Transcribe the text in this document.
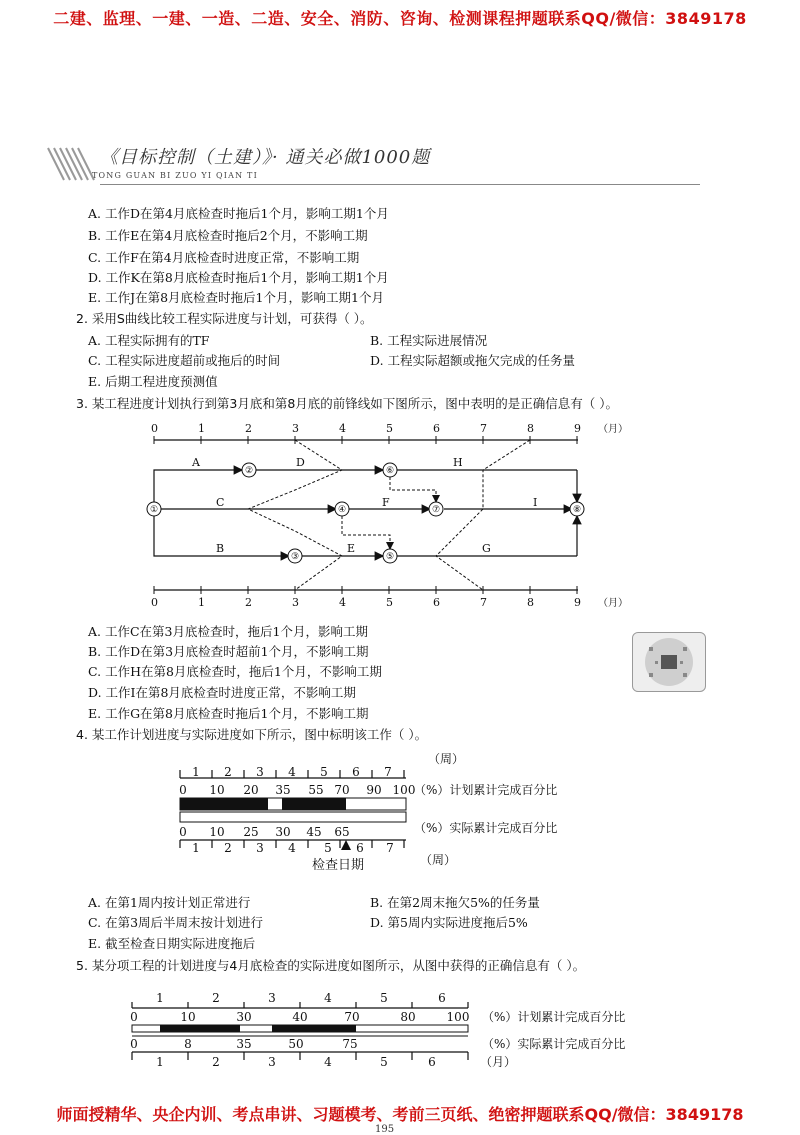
二建、监理、一建、一造、二造、安全、消防、咨询、检测课程押题联系QQ/微信：3849178
《目标控制（土建）》· 通关必做1000题
TONG GUAN BI ZUO YI QIAN TI
A. 工作D在第4月底检查时拖后1个月，影响工期1个月
B. 工作E在第4月底检查时拖后2个月，不影响工期
C. 工作F在第4月底检查时进度正常，不影响工期
D. 工作K在第8月底检查时拖后1个月，影响工期1个月
E. 工作J在第8月底检查时拖后1个月，影响工期1个月
2. 采用S曲线比较工程实际进度与计划，可获得（ ）。
A. 工程实际拥有的TF	B. 工程实际进展情况
C. 工程实际进度超前或拖后的时间	D. 工程实际超额或拖欠完成的任务量
E. 后期工程进度预测值
3. 某工程进度计划执行到第3月底和第8月底的前锋线如下图所示，图中表明的是正确信息有（ ）。
0	1	2	3	4	5	6	7	8	9 （月）
0	1	2	3	4	5	6	7	8	9 （月）
①
②
③
④
⑤
⑥
⑦	⑧
A
B
C
D
E
F
G
H
I
A. 工作C在第3月底检查时，拖后1个月，影响工期
B. 工作D在第3月底检查时超前1个月，不影响工期
C. 工作H在第8月底检查时，拖后1个月，不影响工期
D. 工作I在第8月底检查时进度正常，不影响工期
E. 工作G在第8月底检查时拖后1个月，不影响工期
4. 某工作计划进度与实际进度如下所示，图中标明该工作（ ）。
（周）
1 2 3 4 5 6 7
0 10 20 35 55 70 90 100
（%）计划累计完成百分比
0 10 25 30 45 65	（%）实际累计完成百分比
1 2 3 4 5 6 7
检查日期	（周）
A. 在第1周内按计划正常进行	B. 在第2周末拖欠5%的任务量
C. 在第3周后半周末按计划进行	D. 第5周内实际进度拖后5%
E. 截至检查日期实际进度拖后
5. 某分项工程的计划进度与4月底检查的实际进度如图所示，从图中获得的正确信息有（ ）。
1	2	3	4	5	6
0	10	30	40	70	80	100 （%）计划累计完成百分比
0	8	35	50	75	（%）实际累计完成百分比
1	2	3	4	5	6	（月）
师面授精华、央企内训、考点串讲、习题模考、考前三页纸、绝密押题联系QQ/微信：3849178
195
